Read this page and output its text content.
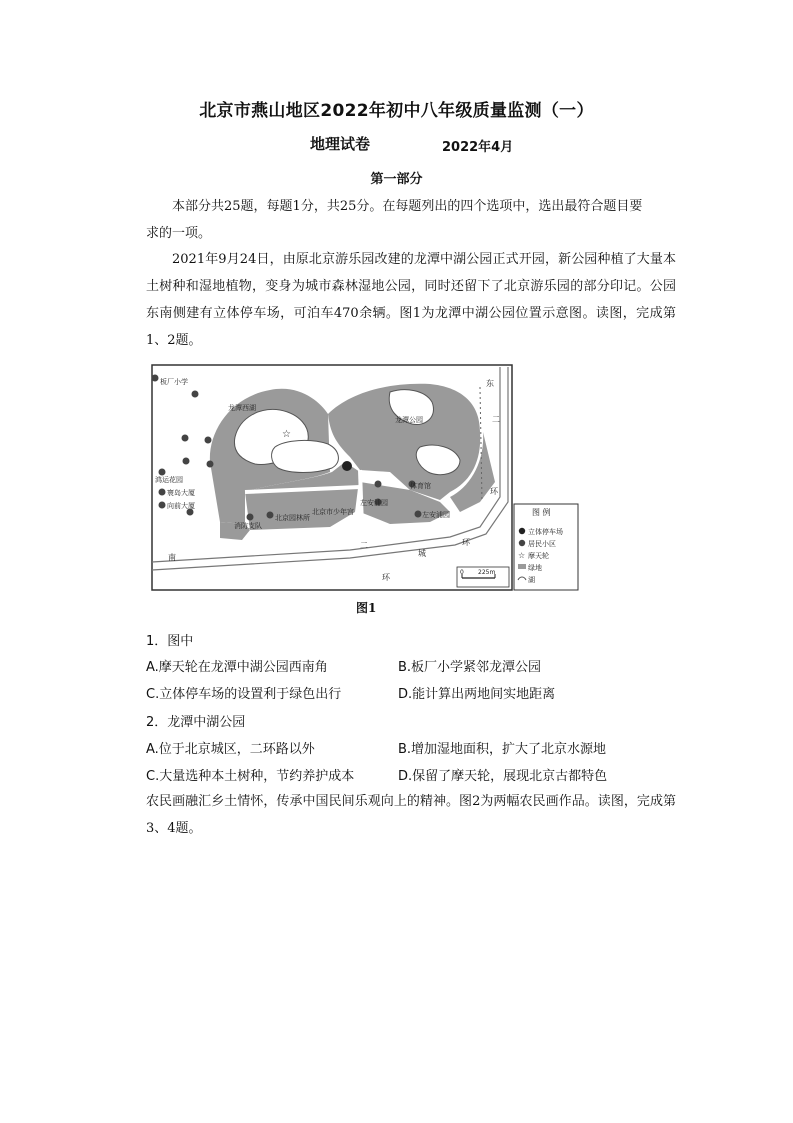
北京市燕山地区2022年初中八年级质量监测（一）
地理试卷	2022年4月
第一部分
本部分共25题，每题1分，共25分。在每题列出的四个选项中，选出最符合题目要
求的一项。
2021年9月24日，由原北京游乐园改建的龙潭中湖公园正式开园，新公园种植了大量本土树种和湿地植物，变身为城市森林湿地公园，同时还留下了北京游乐园的部分印记。公园东南侧建有立体停车场，可泊车470余辆。图1为龙潭中湖公园位置示意图。读图，完成第1、2题。
P
☆
板厂小学
龙潭西湖
龙潭公园
龙潭中湖公园
体育馆
鸿运花园
寰岛大厦
向前大厦
消防支队
北京园林所
北京市少年宫
左安浦园
左安浦园
东
二
环
南
二
城
环
环
0 225m
图 例
立体停车场
居民小区
☆ 摩天轮
绿地
湖
图1
1．图中
A.摩天轮在龙潭中湖公园西南角	B.板厂小学紧邻龙潭公园
C.立体停车场的设置利于绿色出行	D.能计算出两地间实地距离
2．龙潭中湖公园
A.位于北京城区，二环路以外	B.增加湿地面积，扩大了北京水源地
C.大量选种本土树种，节约养护成本	D.保留了摩天轮，展现北京古都特色
农民画融汇乡土情怀，传承中国民间乐观向上的精神。图2为两幅农民画作品。读图，完成第3、4题。
